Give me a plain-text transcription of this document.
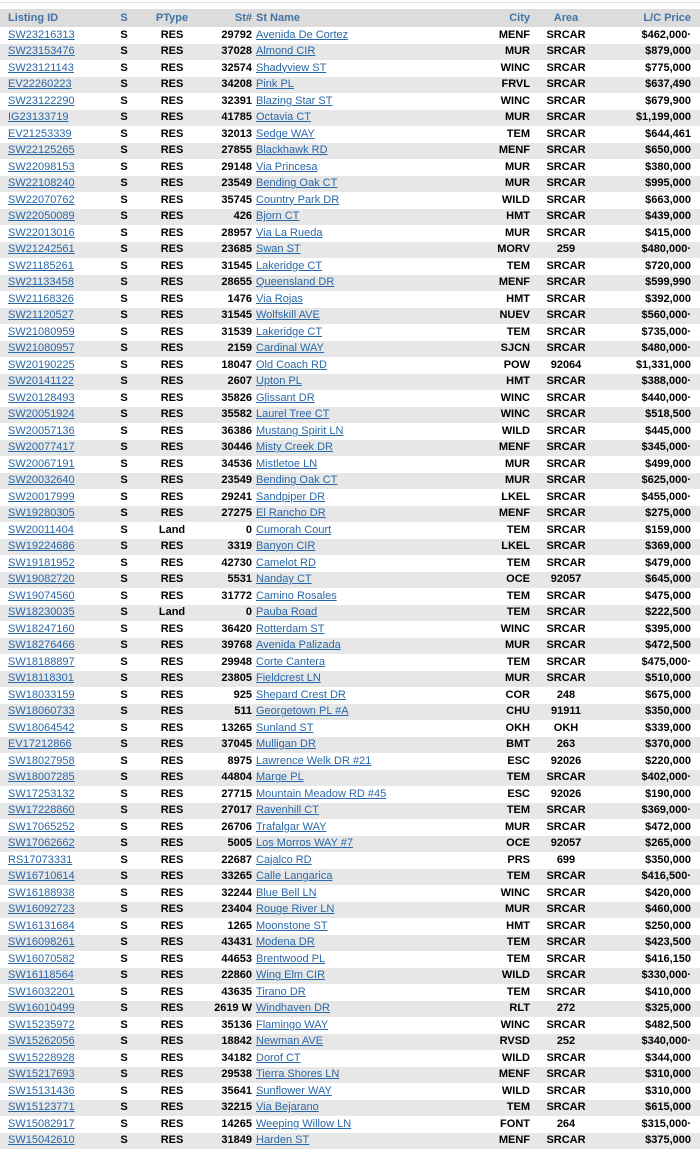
Listing ID	S	PType	St#	St Name	City	Area	L/C Price
SW23216313	S	RES	29792	Avenida De Cortez	MENF	SRCAR	$462,000·
SW23153476	S	RES	37028	Almond CIR	MUR	SRCAR	$879,000
SW23121143	S	RES	32574	Shadyview ST	WINC	SRCAR	$775,000
EV22260223	S	RES	34208	Pink PL	FRVL	SRCAR	$637,490
SW23122290	S	RES	32391	Blazing Star ST	WINC	SRCAR	$679,900
IG23133719	S	RES	41785	Octavia CT	MUR	SRCAR	$1,199,000
EV21253339	S	RES	32013	Sedge WAY	TEM	SRCAR	$644,461
SW22125265	S	RES	27855	Blackhawk RD	MENF	SRCAR	$650,000
SW22098153	S	RES	29148	Via Princesa	MUR	SRCAR	$380,000
SW22108240	S	RES	23549	Bending Oak CT	MUR	SRCAR	$995,000
SW22070762	S	RES	35745	Country Park DR	WILD	SRCAR	$663,000
SW22050089	S	RES	426	Bjorn CT	HMT	SRCAR	$439,000
SW22013016	S	RES	28957	Via La Rueda	MUR	SRCAR	$415,000
SW21242561	S	RES	23685	Swan ST	MORV	259	$480,000·
SW21185261	S	RES	31545	Lakeridge CT	TEM	SRCAR	$720,000
SW21133458	S	RES	28655	Queensland DR	MENF	SRCAR	$599,990
SW21168326	S	RES	1476	Via Rojas	HMT	SRCAR	$392,000
SW21120527	S	RES	31545	Wolfskill AVE	NUEV	SRCAR	$560,000·
SW21080959	S	RES	31539	Lakeridge CT	TEM	SRCAR	$735,000·
SW21080957	S	RES	2159	Cardinal WAY	SJCN	SRCAR	$480,000·
SW20190225	S	RES	18047	Old Coach RD	POW	92064	$1,331,000
SW20141122	S	RES	2607	Upton PL	HMT	SRCAR	$388,000·
SW20128493	S	RES	35826	Glissant DR	WINC	SRCAR	$440,000·
SW20051924	S	RES	35582	Laurel Tree CT	WINC	SRCAR	$518,500
SW20057136	S	RES	36386	Mustang Spirit LN	WILD	SRCAR	$445,000
SW20077417	S	RES	30446	Misty Creek DR	MENF	SRCAR	$345,000·
SW20067191	S	RES	34536	Mistletoe LN	MUR	SRCAR	$499,000
SW20032640	S	RES	23549	Bending Oak CT	MUR	SRCAR	$625,000·
SW20017999	S	RES	29241	Sandpiper DR	LKEL	SRCAR	$455,000·
SW19280305	S	RES	27275	El Rancho DR	MENF	SRCAR	$275,000
SW20011404	S	Land	0	Cumorah Court	TEM	SRCAR	$159,000
SW19224686	S	RES	3319	Banyon CIR	LKEL	SRCAR	$369,000
SW19181952	S	RES	42730	Camelot RD	TEM	SRCAR	$479,000
SW19082720	S	RES	5531	Nanday CT	OCE	92057	$645,000
SW19074560	S	RES	31772	Camino Rosales	TEM	SRCAR	$475,000
SW18230035	S	Land	0	Pauba Road	TEM	SRCAR	$222,500
SW18247160	S	RES	36420	Rotterdam ST	WINC	SRCAR	$395,000
SW18276466	S	RES	39768	Avenida Palizada	MUR	SRCAR	$472,500
SW18188897	S	RES	29948	Corte Cantera	TEM	SRCAR	$475,000·
SW18118301	S	RES	23805	Fieldcrest LN	MUR	SRCAR	$510,000
SW18033159	S	RES	925	Shepard Crest DR	COR	248	$675,000
SW18060733	S	RES	511	Georgetown PL #A	CHU	91911	$350,000
SW18064542	S	RES	13265	Sunland ST	OKH	OKH	$339,000
EV17212866	S	RES	37045	Mulligan DR	BMT	263	$370,000
SW18027958	S	RES	8975	Lawrence Welk DR #21	ESC	92026	$220,000
SW18007285	S	RES	44804	Marge PL	TEM	SRCAR	$402,000·
SW17253132	S	RES	27715	Mountain Meadow RD #45	ESC	92026	$190,000
SW17228860	S	RES	27017	Ravenhill CT	TEM	SRCAR	$369,000·
SW17065252	S	RES	26706	Trafalgar WAY	MUR	SRCAR	$472,000
SW17062662	S	RES	5005	Los Morros WAY #7	OCE	92057	$265,000
RS17073331	S	RES	22687	Cajalco RD	PRS	699	$350,000
SW16710614	S	RES	33265	Calle Langarica	TEM	SRCAR	$416,500·
SW16188938	S	RES	32244	Blue Bell LN	WINC	SRCAR	$420,000
SW16092723	S	RES	23404	Rouge River LN	MUR	SRCAR	$460,000
SW16131684	S	RES	1265	Moonstone ST	HMT	SRCAR	$250,000
SW16098261	S	RES	43431	Modena DR	TEM	SRCAR	$423,500
SW16070582	S	RES	44653	Brentwood PL	TEM	SRCAR	$416,150
SW16118564	S	RES	22860	Wing Elm CIR	WILD	SRCAR	$330,000·
SW16032201	S	RES	43635	Tirano DR	TEM	SRCAR	$410,000
SW16010499	S	RES	2619 W	Windhaven DR	RLT	272	$325,000
SW15235972	S	RES	35136	Flamingo WAY	WINC	SRCAR	$482,500
SW15262056	S	RES	18842	Newman AVE	RVSD	252	$340,000·
SW15228928	S	RES	34182	Dorof CT	WILD	SRCAR	$344,000
SW15217693	S	RES	29538	Tierra Shores LN	MENF	SRCAR	$310,000
SW15131436	S	RES	35641	Sunflower WAY	WILD	SRCAR	$310,000
SW15123771	S	RES	32215	Via Bejarano	TEM	SRCAR	$615,000
SW15082917	S	RES	14265	Weeping Willow LN	FONT	264	$315,000·
SW15042610	S	RES	31849	Harden ST	MENF	SRCAR	$375,000
